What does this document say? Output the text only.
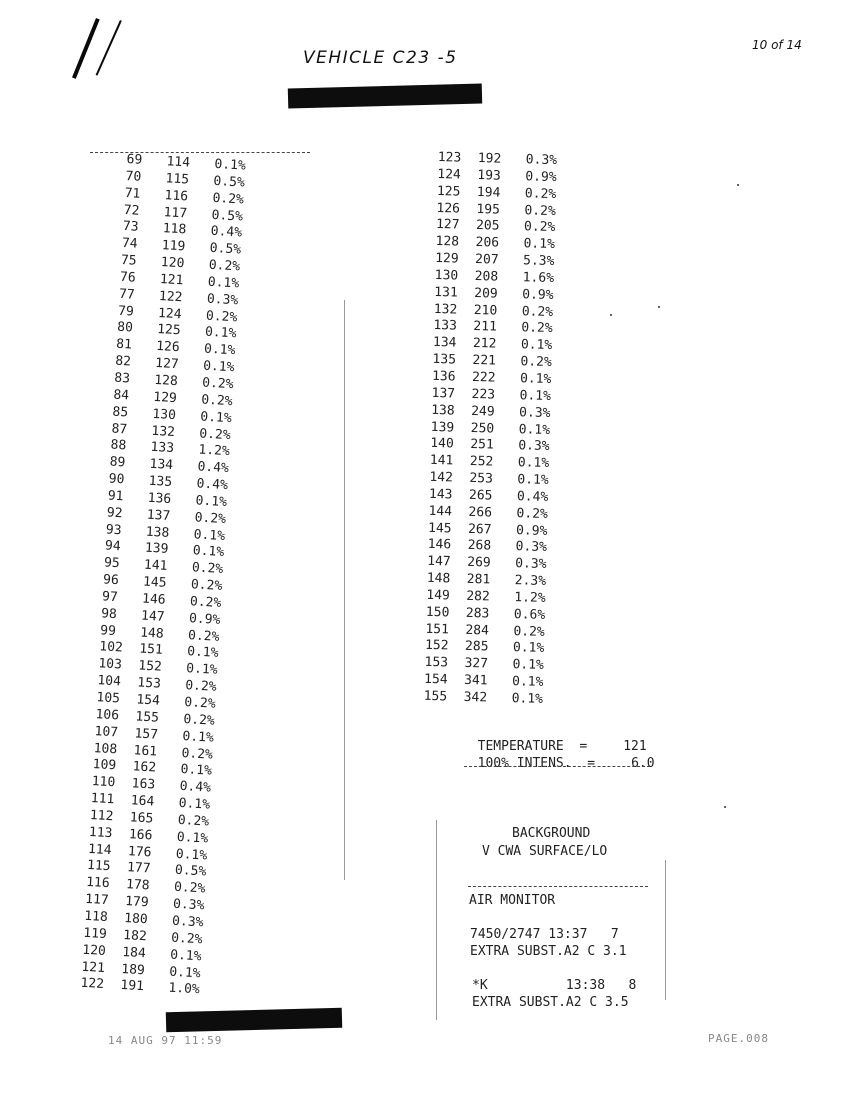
VEHICLE C23 -5
10 of 14
69	114	0.1%
70	115	0.5%
71	116	0.2%
72	117	0.5%
73	118	0.4%
74	119	0.5%
75	120	0.2%
76	121	0.1%
77	122	0.3%
79	124	0.2%
80	125	0.1%
81	126	0.1%
82	127	0.1%
83	128	0.2%
84	129	0.2%
85	130	0.1%
87	132	0.2%
88	133	1.2%
89	134	0.4%
90	135	0.4%
91	136	0.1%
92	137	0.2%
93	138	0.1%
94	139	0.1%
95	141	0.2%
96	145	0.2%
97	146	0.2%
98	147	0.9%
99	148	0.2%
102	151	0.1%
103	152	0.1%
104	153	0.2%
105	154	0.2%
106	155	0.2%
107	157	0.1%
108	161	0.2%
109	162	0.1%
110	163	0.4%
111	164	0.1%
112	165	0.2%
113	166	0.1%
114	176	0.1%
115	177	0.5%
116	178	0.2%
117	179	0.3%
118	180	0.3%
119	182	0.2%
120	184	0.1%
121	189	0.1%
122	191	1.0%
123	192	0.3%
124	193	0.9%
125	194	0.2%
126	195	0.2%
127	205	0.2%
128	206	0.1%
129	207	5.3%
130	208	1.6%
131	209	0.9%
132	210	0.2%
133	211	0.2%
134	212	0.1%
135	221	0.2%
136	222	0.1%
137	223	0.1%
138	249	0.3%
139	250	0.1%
140	251	0.3%
141	252	0.1%
142	253	0.1%
143	265	0.4%
144	266	0.2%
145	267	0.9%
146	268	0.3%
147	269	0.3%
148	281	2.3%
149	282	1.2%
150	283	0.6%
151	284	0.2%
152	285	0.1%
153	327	0.1%
154	341	0.1%
155	342	0.1%

TEMPERATURE  =	121

100% INTENS.  =	6.0

BACKGROUND
V CWA SURFACE/LO
AIR MONITOR
7450/2747 13:37   7
EXTRA SUBST.A2 C 3.1
*K          13:38   8
EXTRA SUBST.A2 C 3.5
14 AUG 97 11:59	PAGE.008
